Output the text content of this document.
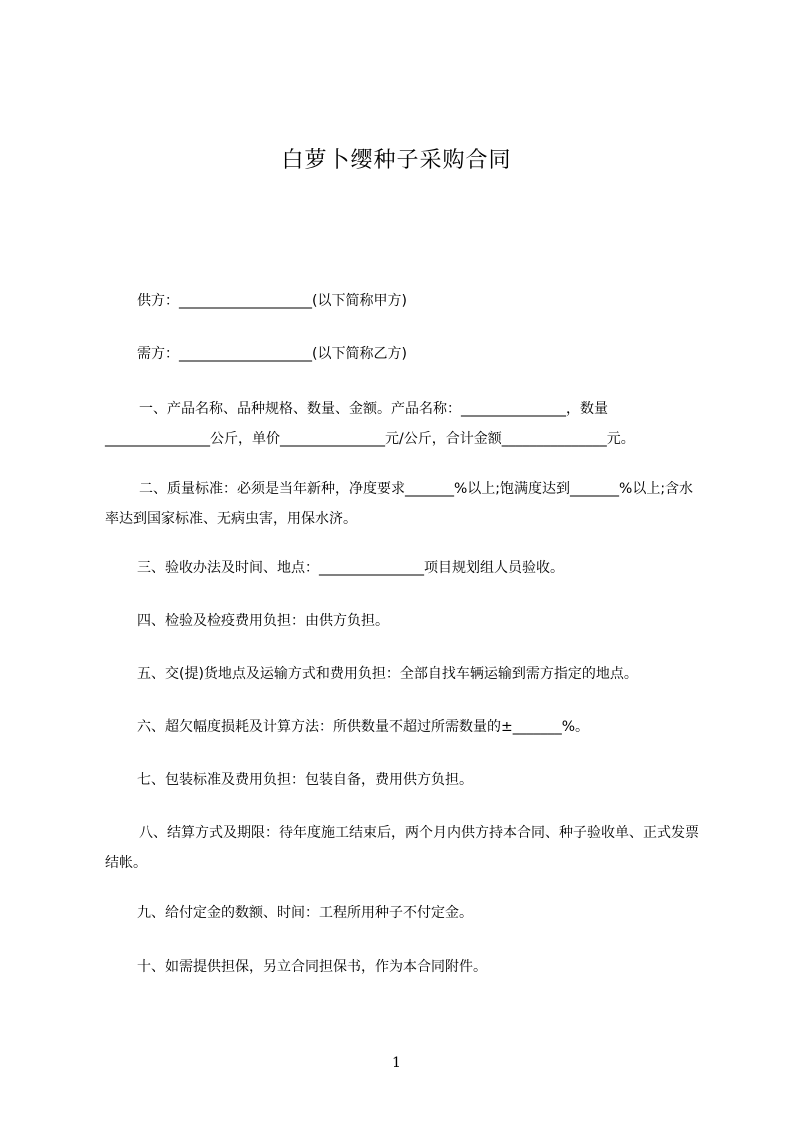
白萝卜缨种子采购合同
供方：___________________(以下简称甲方)
需方：___________________(以下简称乙方)
一、产品名称、品种规格、数量、金额。产品名称：_______________，数量_______________公斤，单价_______________元/公斤，合计金额_______________元。
二、质量标准：必须是当年新种，净度要求_______%以上;饱满度达到_______%以上;含水率达到国家标准、无病虫害，用保水济。
三、验收办法及时间、地点：_______________项目规划组人员验收。
四、检验及检疫费用负担：由供方负担。
五、交(提)货地点及运输方式和费用负担：全部自找车辆运输到需方指定的地点。
六、超欠幅度损耗及计算方法：所供数量不超过所需数量的±_______%。
七、包装标准及费用负担：包装自备，费用供方负担。
八、结算方式及期限：待年度施工结束后，两个月内供方持本合同、种子验收单、正式发票结帐。
九、给付定金的数额、时间：工程所用种子不付定金。
十、如需提供担保，另立合同担保书，作为本合同附件。
1
